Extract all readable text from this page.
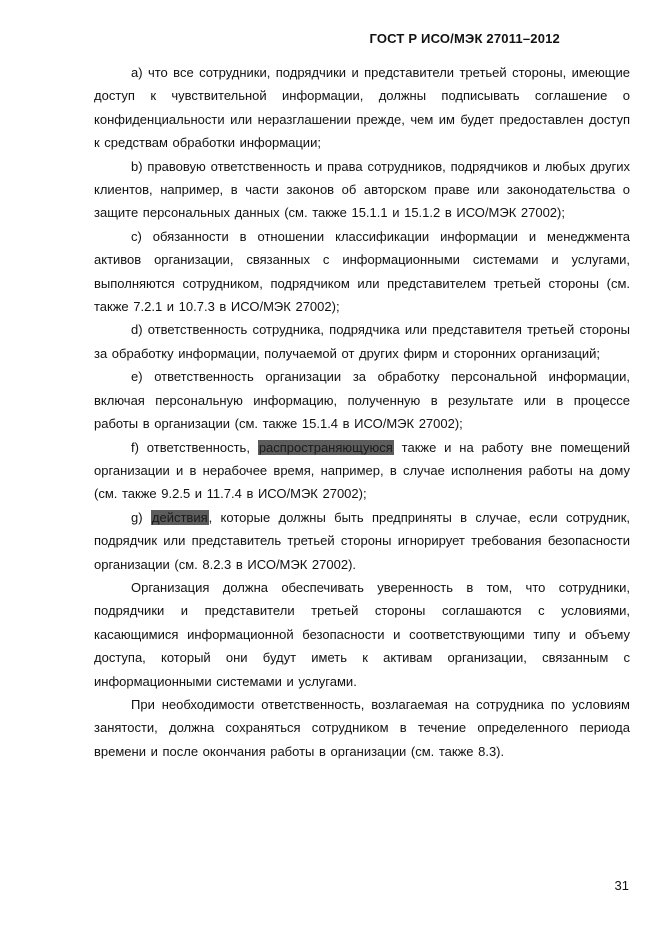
ГОСТ Р ИСО/МЭК 27011–2012

а) что все сотрудники, подрядчики и представители третьей стороны, имеющие доступ к чувствительной информации, должны подписывать соглашение о конфиденциальности или неразглашении прежде, чем им будет предоставлен доступ к средствам обработки информации;

b) правовую ответственность и права сотрудников, подрядчиков и любых других клиентов, например, в части законов об авторском праве или законодательства о защите персональных данных (см. также 15.1.1 и 15.1.2 в ИСО/МЭК 27002);

c) обязанности в отношении классификации информации и менеджмента активов организации, связанных с информационными системами и услугами, выполняются сотрудником, подрядчиком или представителем третьей стороны (см. также 7.2.1 и 10.7.3 в ИСО/МЭК 27002);

d) ответственность сотрудника, подрядчика или представителя третьей стороны за обработку информации, получаемой от других фирм и сторонних организаций;

e) ответственность организации за обработку персональной информации, включая персональную информацию, полученную в результате или в процессе работы в организации (см. также 15.1.4 в ИСО/МЭК 27002);

f) ответственность, распространяющуюся также и на работу вне помещений организации и в нерабочее время, например, в случае исполнения работы на дому (см. также 9.2.5 и 11.7.4 в ИСО/МЭК 27002);

g) действия, которые должны быть предприняты в случае, если сотрудник, подрядчик или представитель третьей стороны игнорирует требования безопасности организации (см. 8.2.3 в ИСО/МЭК 27002).

Организация должна обеспечивать уверенность в том, что сотрудники, подрядчики и представители третьей стороны соглашаются с условиями, касающимися информационной безопасности и соответствующими типу и объему доступа, который они будут иметь к активам организации, связанным с информационными системами и услугами.

При необходимости ответственность, возлагаемая на сотрудника по условиям занятости, должна сохраняться сотрудником в течение определенного периода времени и после окончания работы в организации (см. также 8.3).

31
